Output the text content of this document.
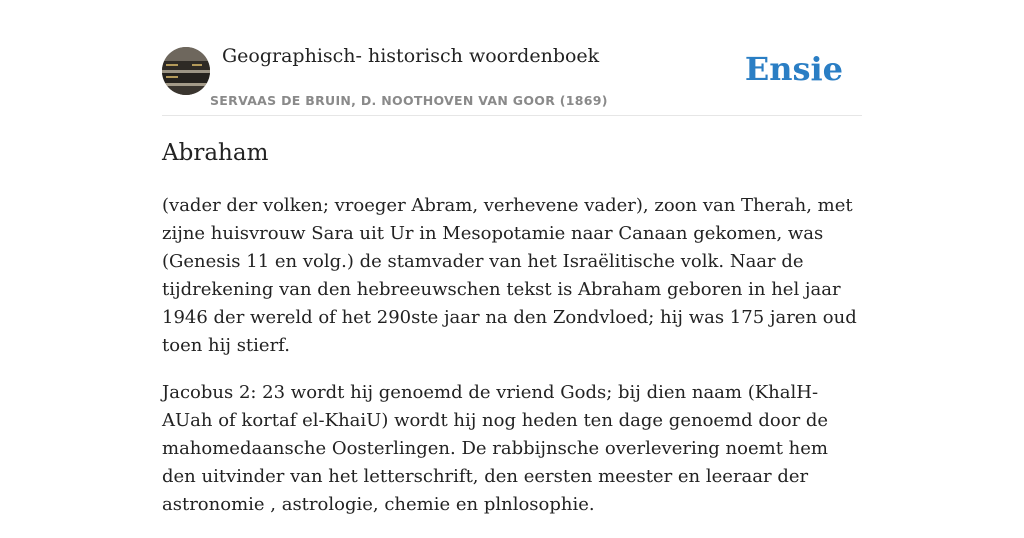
Geographisch- historisch woordenboek
SERVAAS DE BRUIN, D. NOOTHOVEN VAN GOOR (1869)
Ensie
Abraham

(vader der volken; vroeger Abram, verhevene vader), zoon van Therah, met zijne huisvrouw Sara uit Ur in Mesopotamie naar Canaan gekomen, was (Genesis 11 en volg.) de stamvader van het Israëlitische volk. Naar de tijdrekening van den hebreeuwschen tekst is Abraham geboren in hel jaar 1946 der wereld of het 290ste jaar na den Zondvloed; hij was 175 jaren oud toen hij stierf.

Jacobus 2: 23 wordt hij genoemd de vriend Gods; bij dien naam (KhalH-AUah of kortaf el-KhaiU) wordt hij nog heden ten dage genoemd door de mahomedaansche Oosterlingen. De rabbijnsche overlevering noemt hem den uitvinder van het letterschrift, den eersten meester en leeraar der astronomie , astrologie, chemie en plnlosophie.
